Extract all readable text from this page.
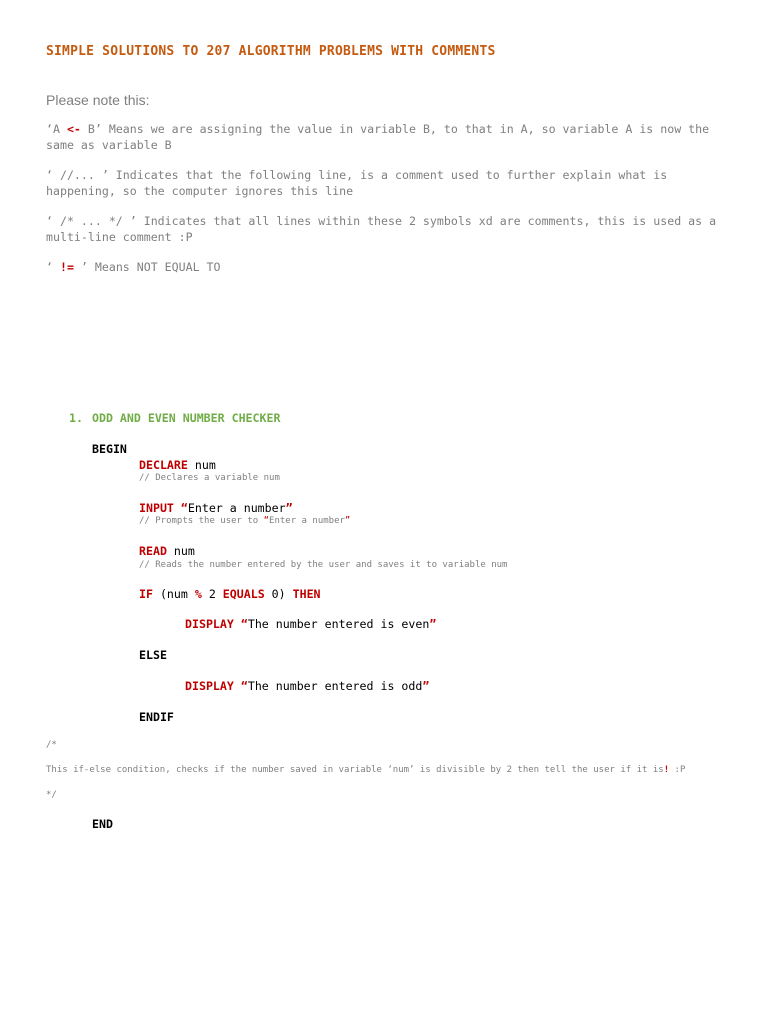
SIMPLE SOLUTIONS TO 207 ALGORITHM PROBLEMS WITH COMMENTS
Please note this:
‘A <- B’ Means we are assigning the value in variable B, to that in A, so variable A is now the same as variable B
‘ //... ’ Indicates that the following line, is a comment used to further explain what is happening, so the computer ignores this line
‘ /* ... */ ’ Indicates that all lines within these 2 symbols xd are comments, this is used as a multi-line comment :P
‘ != ’ Means NOT EQUAL TO
1. ODD AND EVEN NUMBER CHECKER
BEGIN
DECLARE num
// Declares a variable num
INPUT “Enter a number”
// Prompts the user to “Enter a number”
READ num
// Reads the number entered by the user and saves it to variable num
IF (num % 2 EQUALS 0) THEN
DISPLAY “The number entered is even”
ELSE
DISPLAY “The number entered is odd”
ENDIF
/*
This if-else condition, checks if the number saved in variable ‘num’ is divisible by 2 then tell the user if it is! :P
*/
END
